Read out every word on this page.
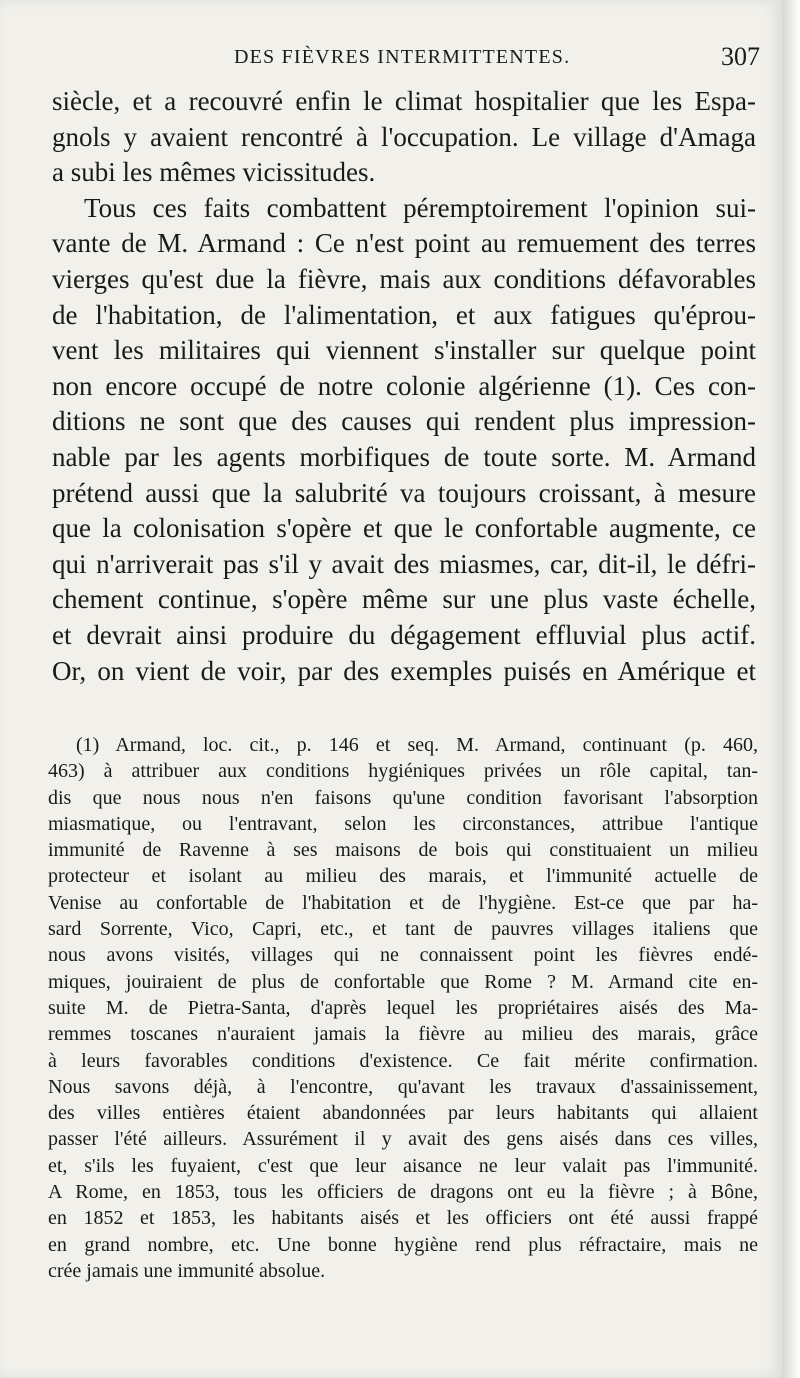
DES FIÈVRES INTERMITTENTES.	307
siècle, et a recouvré enfin le climat hospitalier que les Espa-
gnols y avaient rencontré à l'occupation. Le village d'Amaga
a subi les mêmes vicissitudes.
Tous ces faits combattent péremptoirement l'opinion sui-
vante de M. Armand : Ce n'est point au remuement des terres
vierges qu'est due la fièvre, mais aux conditions défavorables
de l'habitation, de l'alimentation, et aux fatigues qu'éprou-
vent les militaires qui viennent s'installer sur quelque point
non encore occupé de notre colonie algérienne (1). Ces con-
ditions ne sont que des causes qui rendent plus impression-
nable par les agents morbifiques de toute sorte. M. Armand
prétend aussi que la salubrité va toujours croissant, à mesure
que la colonisation s'opère et que le confortable augmente, ce
qui n'arriverait pas s'il y avait des miasmes, car, dit-il, le défri-
chement continue, s'opère même sur une plus vaste échelle,
et devrait ainsi produire du dégagement effluvial plus actif.
Or, on vient de voir, par des exemples puisés en Amérique et
(1) Armand, loc. cit., p. 146 et seq. M. Armand, continuant (p. 460,
463) à attribuer aux conditions hygiéniques privées un rôle capital, tan-
dis que nous nous n'en faisons qu'une condition favorisant l'absorption
miasmatique, ou l'entravant, selon les circonstances, attribue l'antique
immunité de Ravenne à ses maisons de bois qui constituaient un milieu
protecteur et isolant au milieu des marais, et l'immunité actuelle de
Venise au confortable de l'habitation et de l'hygiène. Est-ce que par ha-
sard Sorrente, Vico, Capri, etc., et tant de pauvres villages italiens que
nous avons visités, villages qui ne connaissent point les fièvres endé-
miques, jouiraient de plus de confortable que Rome ? M. Armand cite en-
suite M. de Pietra-Santa, d'après lequel les propriétaires aisés des Ma-
remmes toscanes n'auraient jamais la fièvre au milieu des marais, grâce
à leurs favorables conditions d'existence. Ce fait mérite confirmation.
Nous savons déjà, à l'encontre, qu'avant les travaux d'assainissement,
des villes entières étaient abandonnées par leurs habitants qui allaient
passer l'été ailleurs. Assurément il y avait des gens aisés dans ces villes,
et, s'ils les fuyaient, c'est que leur aisance ne leur valait pas l'immunité.
A Rome, en 1853, tous les officiers de dragons ont eu la fièvre ; à Bône,
en 1852 et 1853, les habitants aisés et les officiers ont été aussi frappé
en grand nombre, etc. Une bonne hygiène rend plus réfractaire, mais ne
crée jamais une immunité absolue.
